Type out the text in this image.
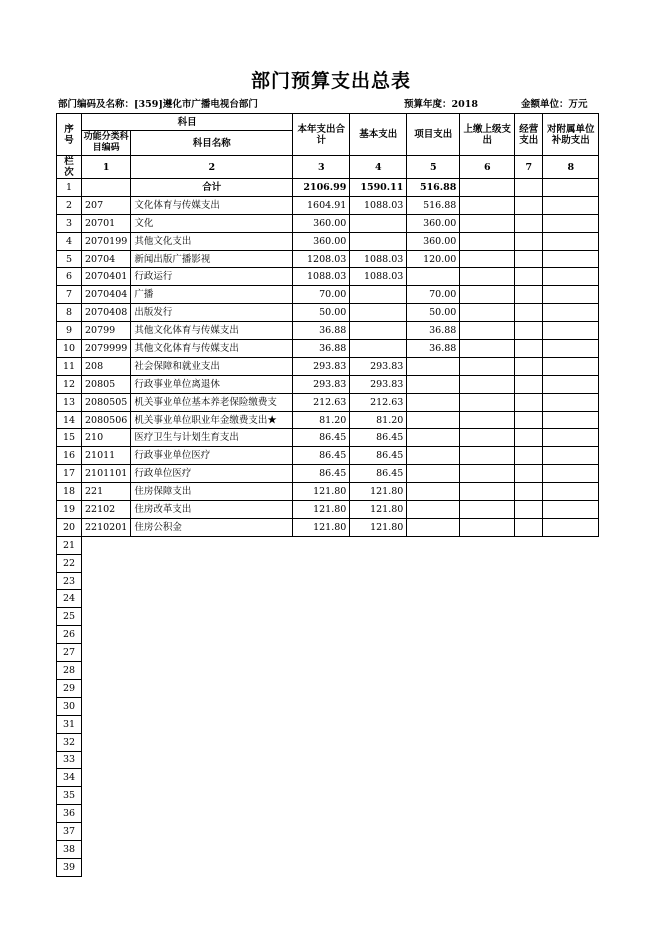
部门预算支出总表
部门编码及名称：[359]遵化市广播电视台部门	预算年度：2018	金额单位：万元
序号	科目		本年支出合计	基本支出	项目支出	上缴上级支出	经营支出	对附属单位补助支出
	功能分类科目编码	科目名称						
栏次	1	2	3	4	5	6	7	8
1		合计	2106.99	1590.11	516.88			
2	207	文化体育与传媒支出	1604.91	1088.03	516.88			
3	20701	文化	360.00		360.00			
4	2070199	其他文化支出	360.00		360.00			
5	20704	新闻出版广播影视	1208.03	1088.03	120.00			
6	2070401	行政运行	1088.03	1088.03				
7	2070404	广播	70.00		70.00			
8	2070408	出版发行	50.00		50.00			
9	20799	其他文化体育与传媒支出	36.88		36.88			
10	2079999	其他文化体育与传媒支出	36.88		36.88			
11	208	社会保障和就业支出	293.83	293.83				
12	20805	行政事业单位离退休	293.83	293.83				
13	2080505	机关事业单位基本养老保险缴费支	212.63	212.63				
14	2080506	机关事业单位职业年金缴费支出★	81.20	81.20				
15	210	医疗卫生与计划生育支出	86.45	86.45				
16	21011	行政事业单位医疗	86.45	86.45				
17	2101101	行政单位医疗	86.45	86.45				
18	221	住房保障支出	121.80	121.80				
19	22102	住房改革支出	121.80	121.80				
20	2210201	住房公积金	121.80	121.80				
21								
22								
23								
24								
25								
26								
27								
28								
29								
30								
31								
32								
33								
34								
35								
36								
37								
38								
39								
